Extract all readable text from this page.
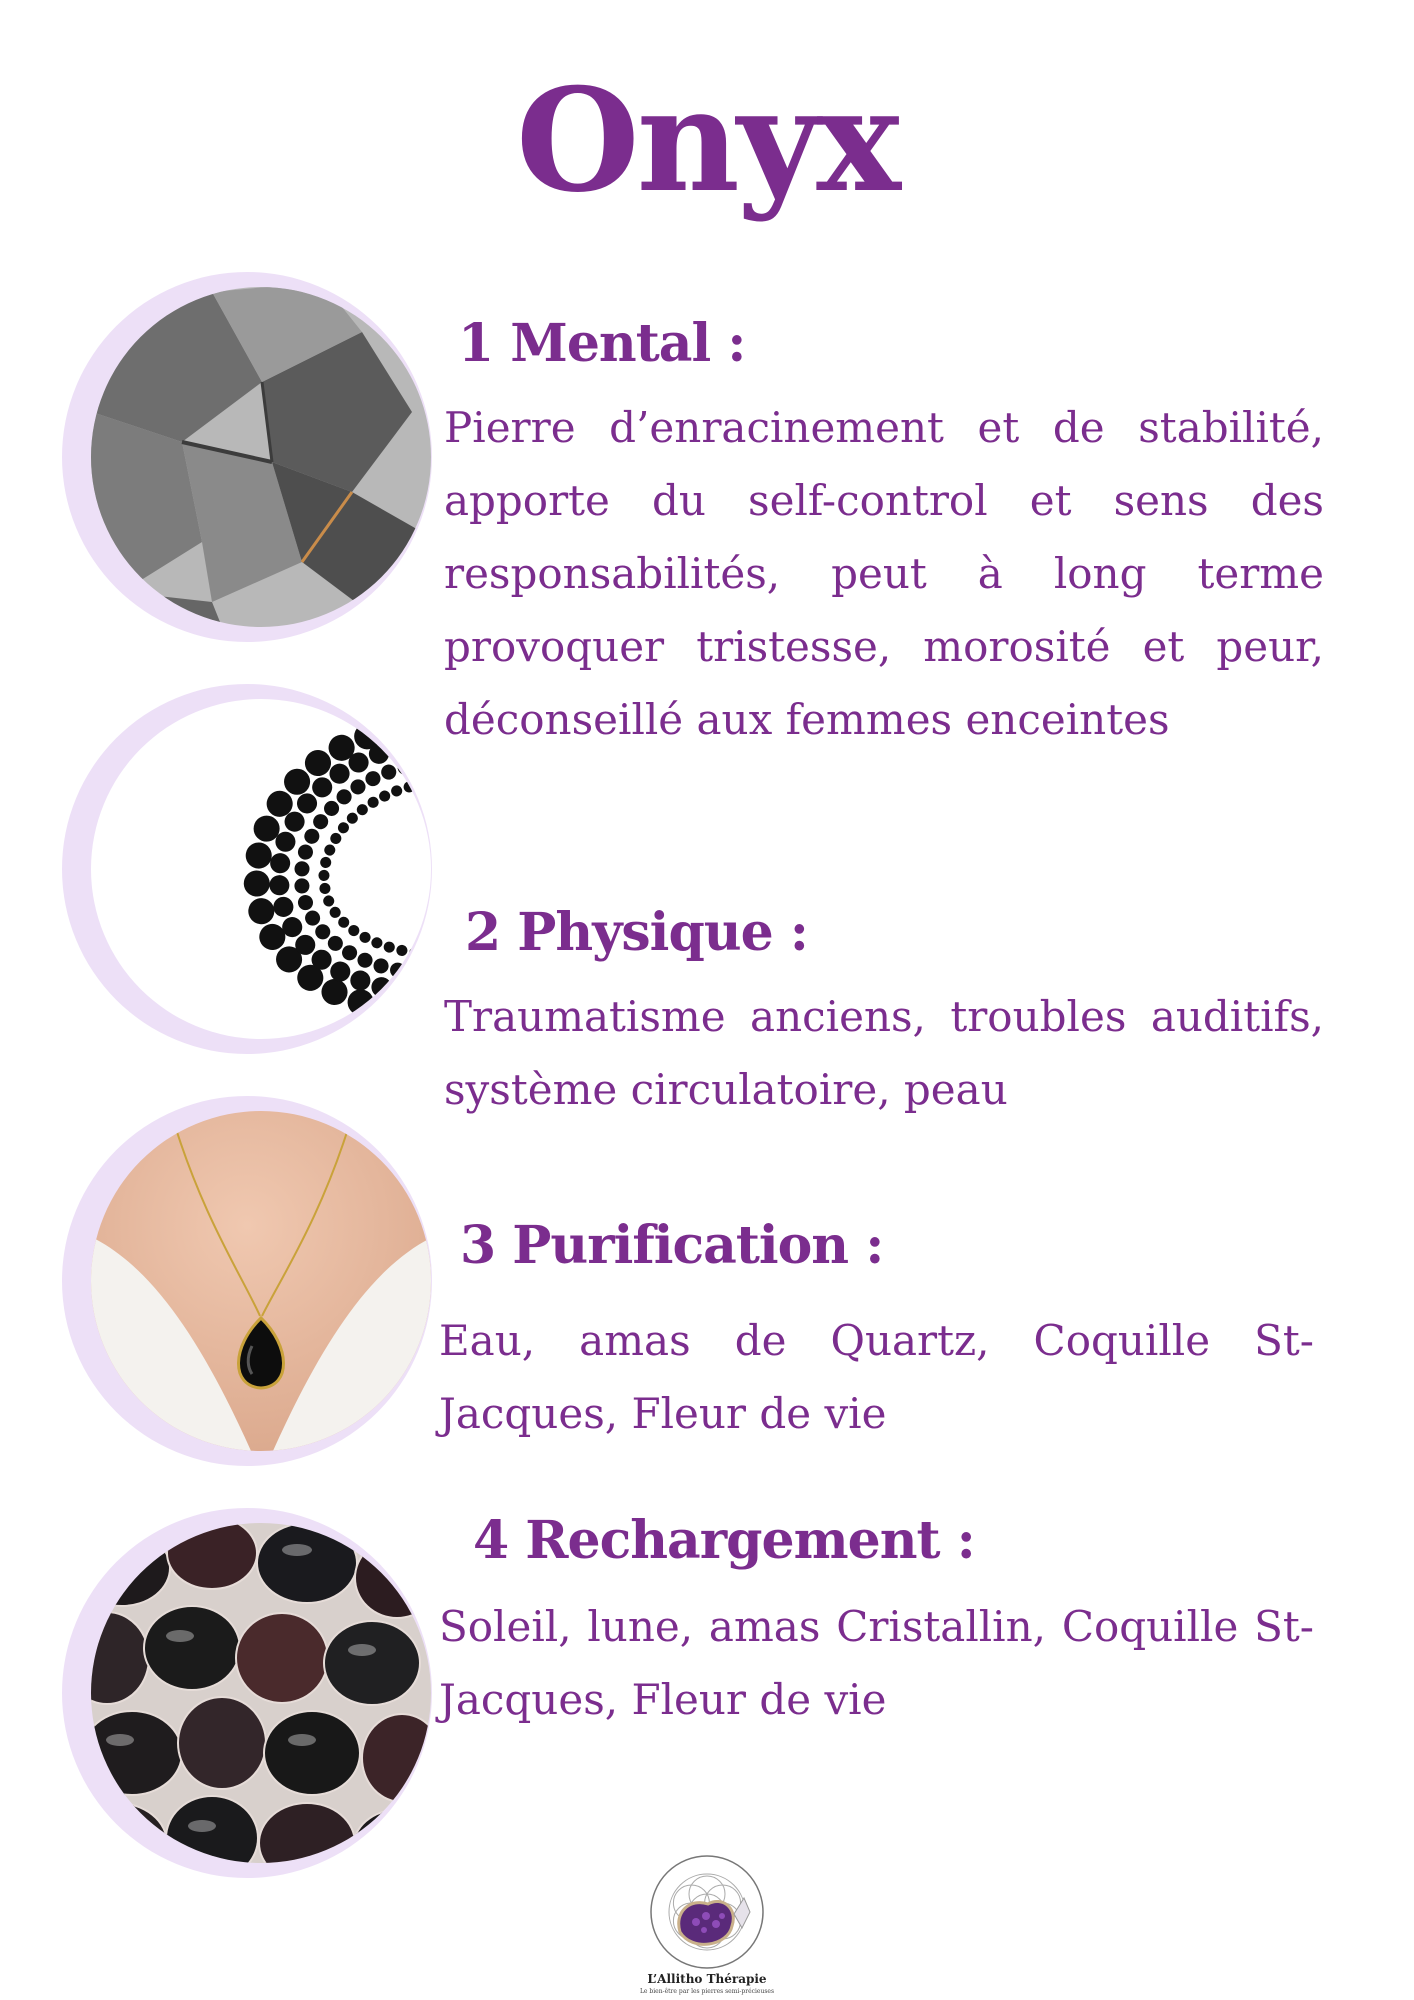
Onyx
1 Mental :
Pierre d’enracinement et de stabilité, apporte du self-control et sens des responsabilités, peut à long terme provoquer tristesse, morosité et peur, déconseillé aux femmes enceintes
2 Physique :
Traumatisme anciens, troubles auditifs, système circulatoire, peau
3 Purification :
Eau, amas de Quartz, Coquille St-Jacques, Fleur de vie
4 Rechargement :
Soleil, lune, amas Cristallin, Coquille St-Jacques, Fleur de vie
L’Allitho Thérapie
Le bien-être par les pierres semi-précieuses
